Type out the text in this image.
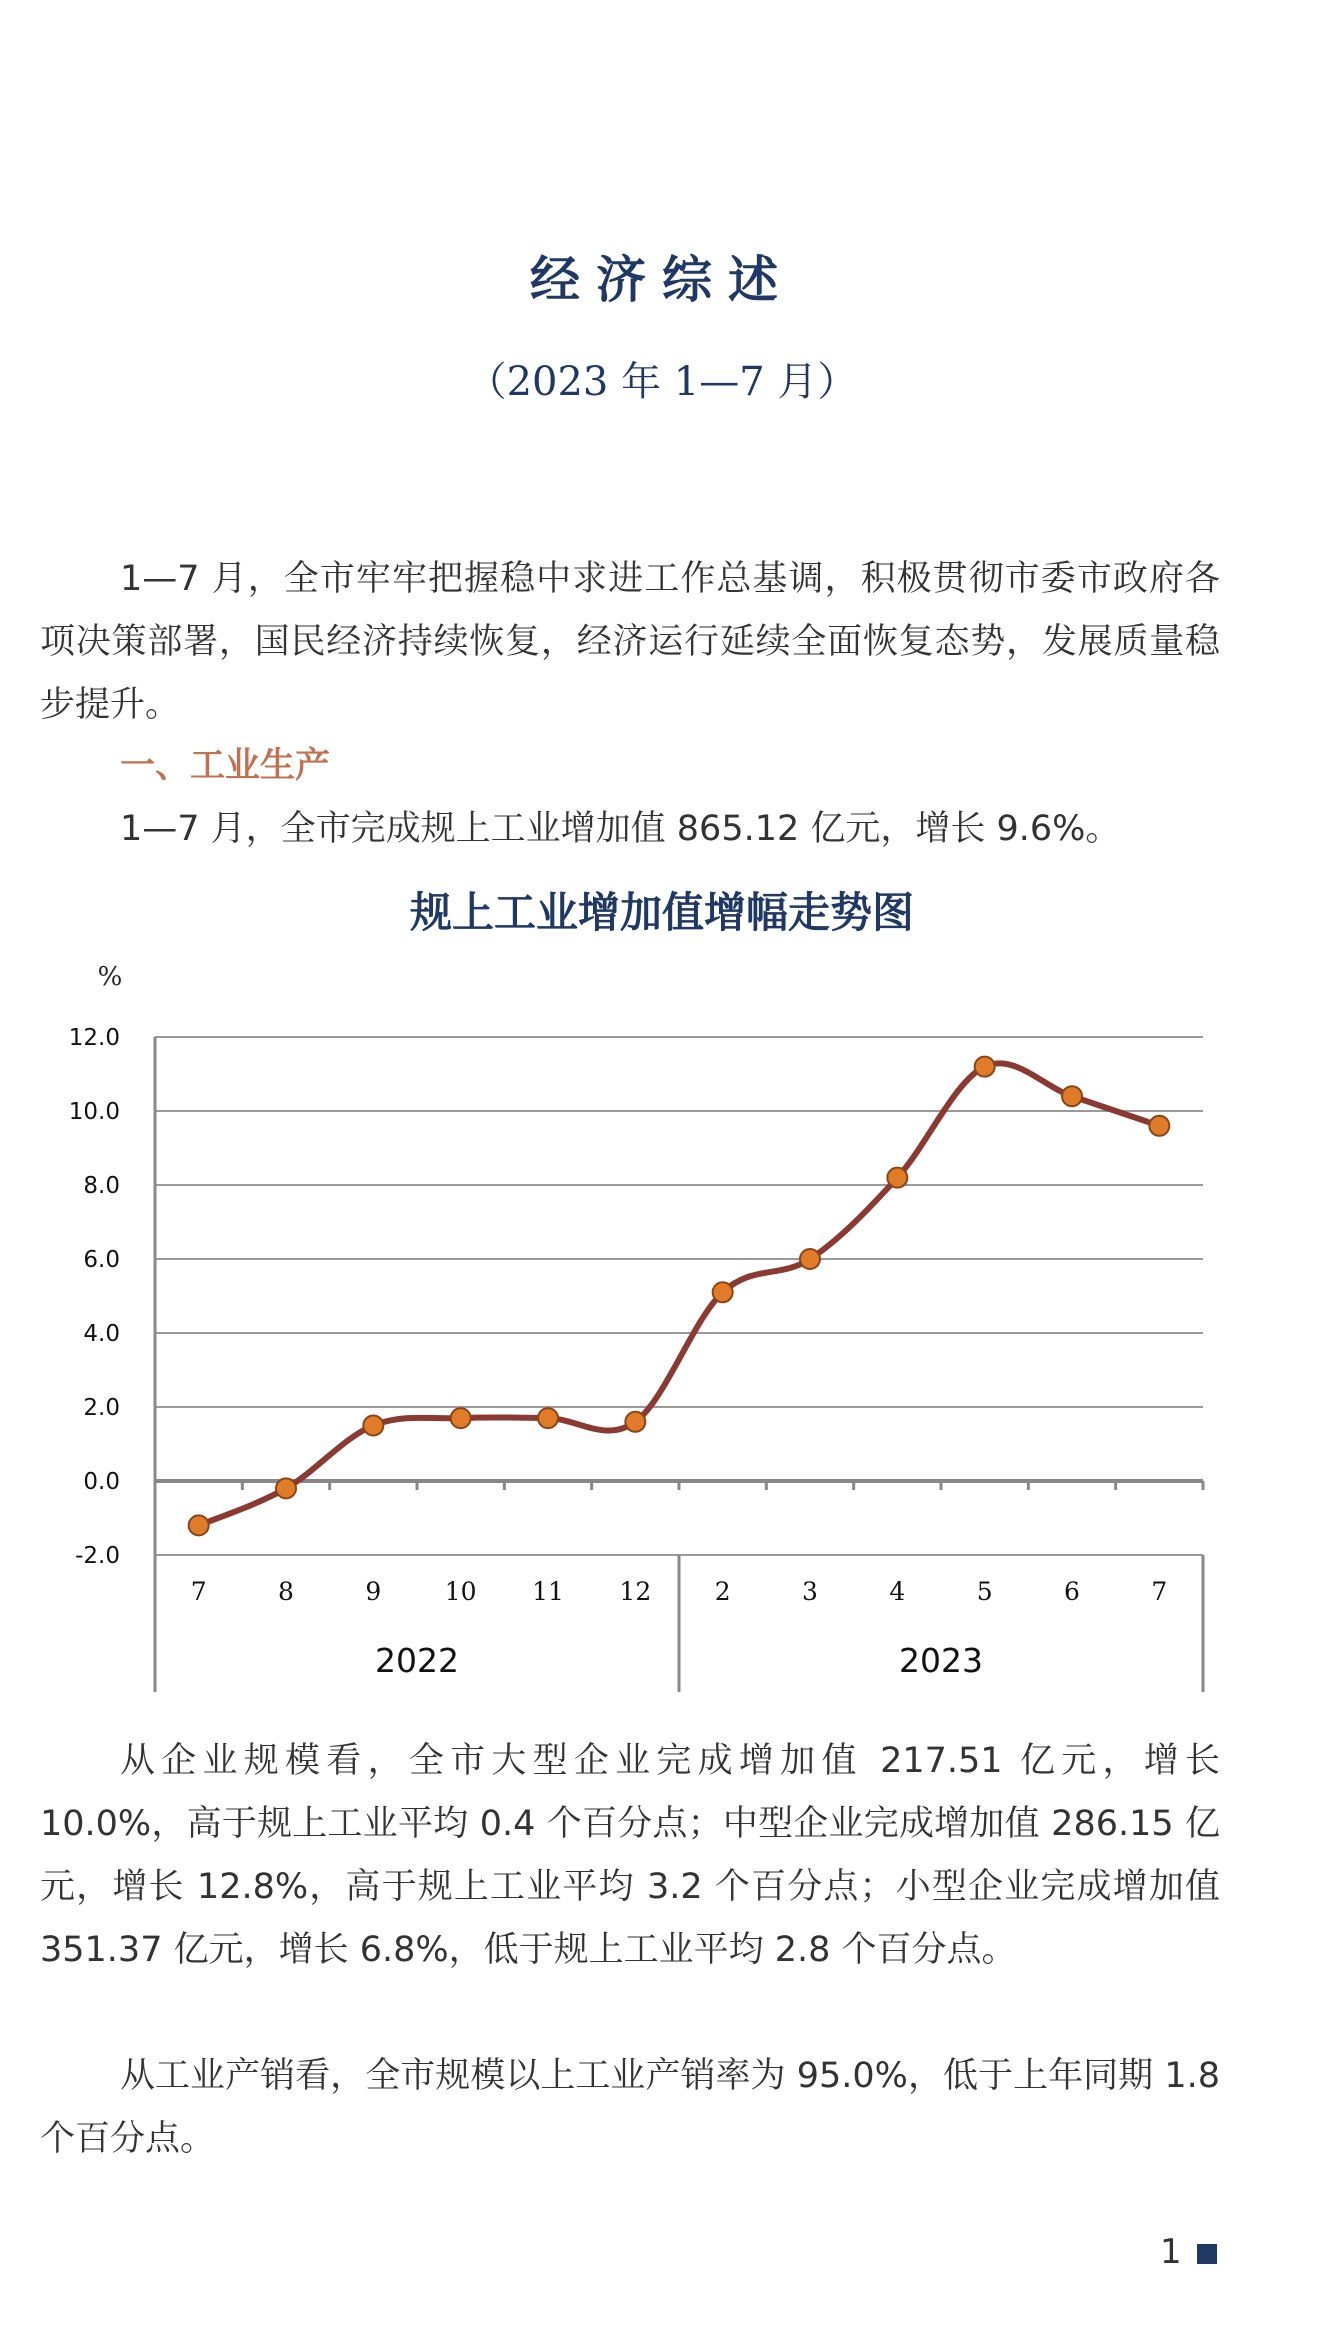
经济综述
（2023 年 1—7 月）

1—7 月，全市牢牢把握稳中求进工作总基调，积极贯彻市委市政府各项决策部署，国民经济持续恢复，经济运行延续全面恢复态势，发展质量稳步提升。

一、工业生产

1—7 月，全市完成规上工业增加值 865.12 亿元，增长 9.6%。

规上工业增加值增幅走势图
%
12.0
10.0
8.0
6.0
4.0
2.0
0.0
-2.0
7	8	9	10 11 12	2	3	4	5	6	7
2022	2023

从企业规模看，全市大型企业完成增加值 217.51 亿元，增长 10.0%，高于规上工业平均 0.4 个百分点；中型企业完成增加值 286.15 亿元，增长 12.8%，高于规上工业平均 3.2 个百分点；小型企业完成增加值 351.37 亿元，增长 6.8%，低于规上工业平均 2.8 个百分点。

从工业产销看，全市规模以上工业产销率为 95.0%，低于上年同期 1.8 个百分点。

1
